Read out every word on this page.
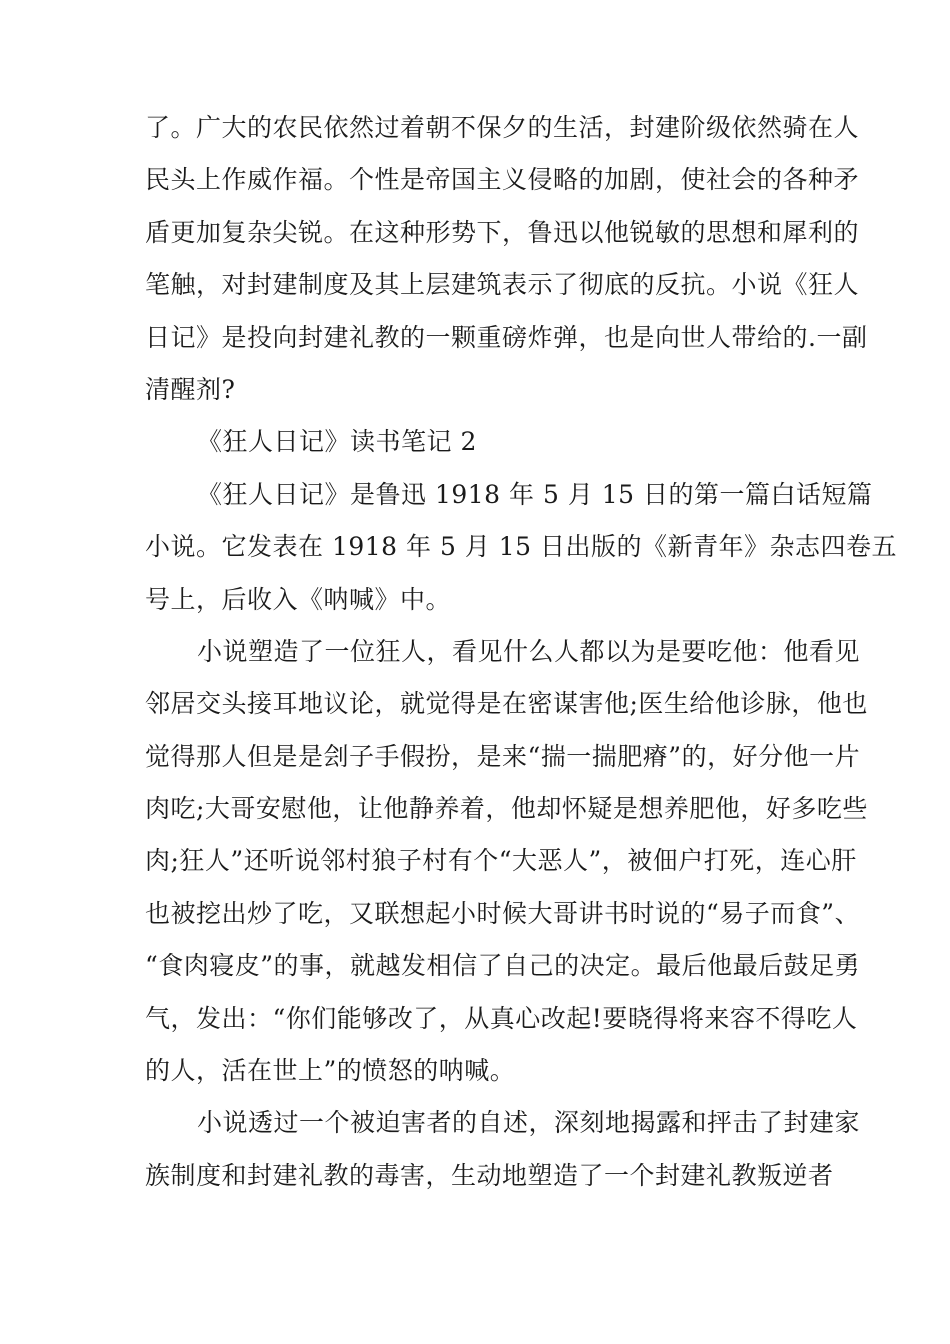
了。广大的农民依然过着朝不保夕的生活，封建阶级依然骑在人
民头上作威作福。个性是帝国主义侵略的加剧，使社会的各种矛
盾更加复杂尖锐。在这种形势下，鲁迅以他锐敏的思想和犀利的
笔触，对封建制度及其上层建筑表示了彻底的反抗。小说《狂人
日记》是投向封建礼教的一颗重磅炸弹，也是向世人带给的.一副
清醒剂?
《狂人日记》读书笔记 2
《狂人日记》是鲁迅 1918 年 5 月 15 日的第一篇白话短篇
小说。它发表在 1918 年 5 月 15 日出版的《新青年》杂志四卷五
号上，后收入《呐喊》中。
小说塑造了一位狂人，看见什么人都以为是要吃他：他看见
邻居交头接耳地议论，就觉得是在密谋害他;医生给他诊脉，他也
觉得那人但是是刽子手假扮，是来“揣一揣肥瘠”的，好分他一片
肉吃;大哥安慰他，让他静养着，他却怀疑是想养肥他，好多吃些
肉;狂人”还听说邻村狼子村有个“大恶人”，被佃户打死，连心肝
也被挖出炒了吃，又联想起小时候大哥讲书时说的“易子而食”、
“食肉寝皮”的事，就越发相信了自己的决定。最后他最后鼓足勇
气，发出：“你们能够改了，从真心改起!要晓得将来容不得吃人
的人，活在世上”的愤怒的呐喊。
小说透过一个被迫害者的自述，深刻地揭露和抨击了封建家
族制度和封建礼教的毒害，生动地塑造了一个封建礼教叛逆者
